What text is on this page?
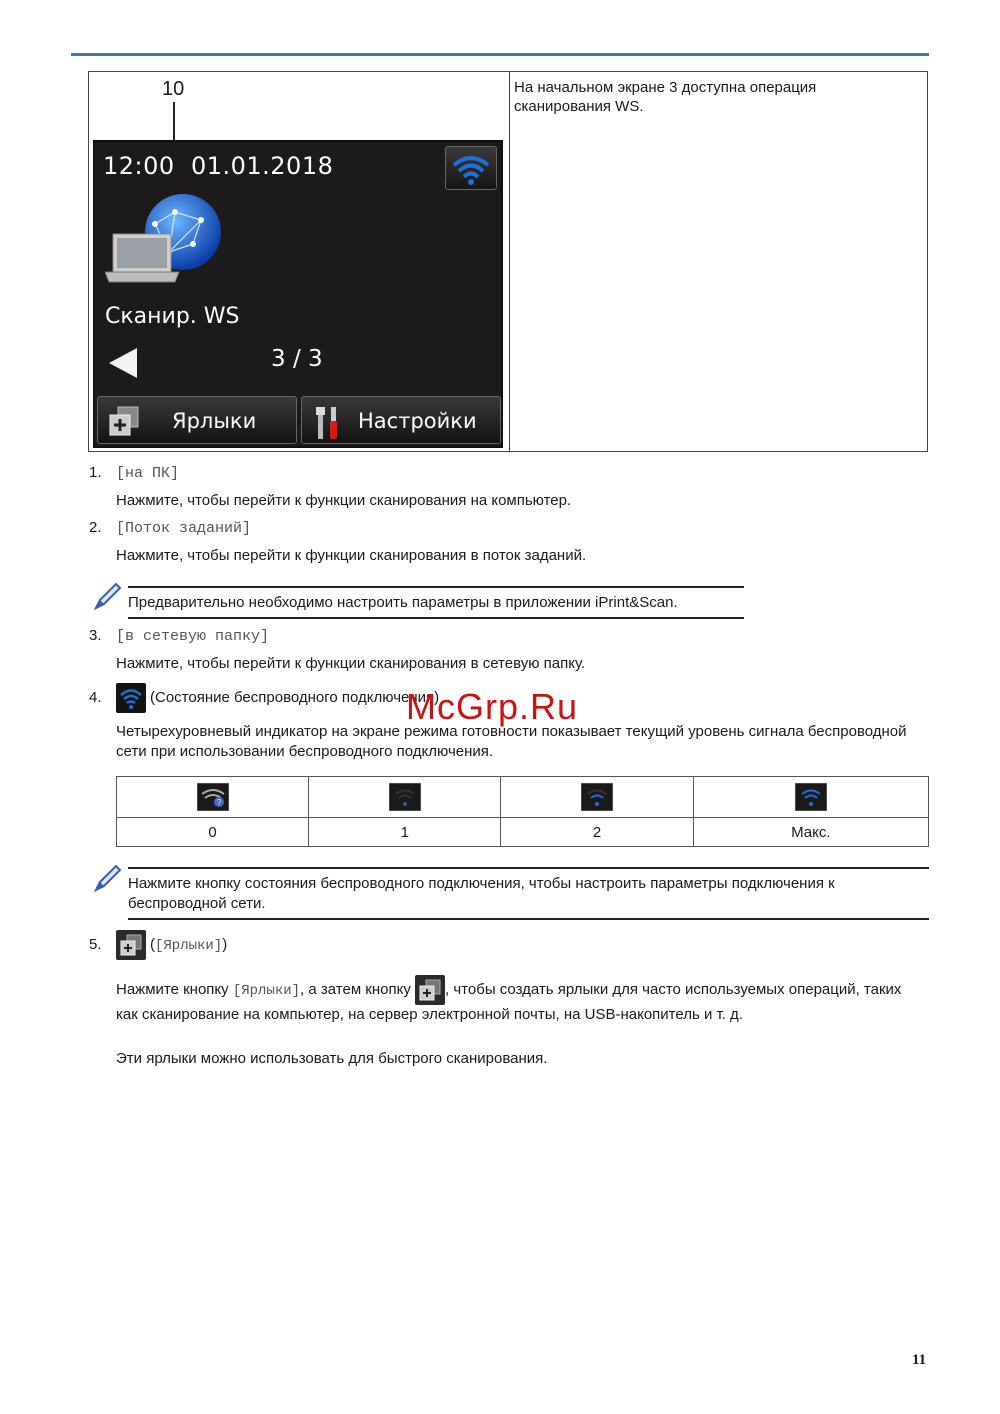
10	На начальном экране 3 доступна операция сканирования WS.
12:00 01.01.2018
Сканир. WS
3 / 3
Ярлыки	Настройки
1. [на ПК]
Нажмите, чтобы перейти к функции сканирования на компьютер.
2. [Поток заданий]
Нажмите, чтобы перейти к функции сканирования в поток заданий.
Предварительно необходимо настроить параметры в приложении iPrint&Scan.
3. [в сетевую папку]
Нажмите, чтобы перейти к функции сканирования в сетевую папку.
4.	(Состояние беспроводного подключения)
Четырехуровневый индикатор на экране режима готовности показывает текущий уровень сигнала беспроводной сети при использовании беспроводного подключения.
?

0	1	2	Макс.
Нажмите кнопку состояния беспроводного подключения, чтобы настроить параметры подключения к беспроводной сети.
5.	([Ярлыки])
Нажмите кнопку [Ярлыки], а затем кнопку , чтобы создать ярлыки для часто используемых операций, таких как сканирование на компьютер, на сервер электронной почты, на USB-накопитель и т. д.
Эти ярлыки можно использовать для быстрого сканирования.
McGrp.Ru
11
